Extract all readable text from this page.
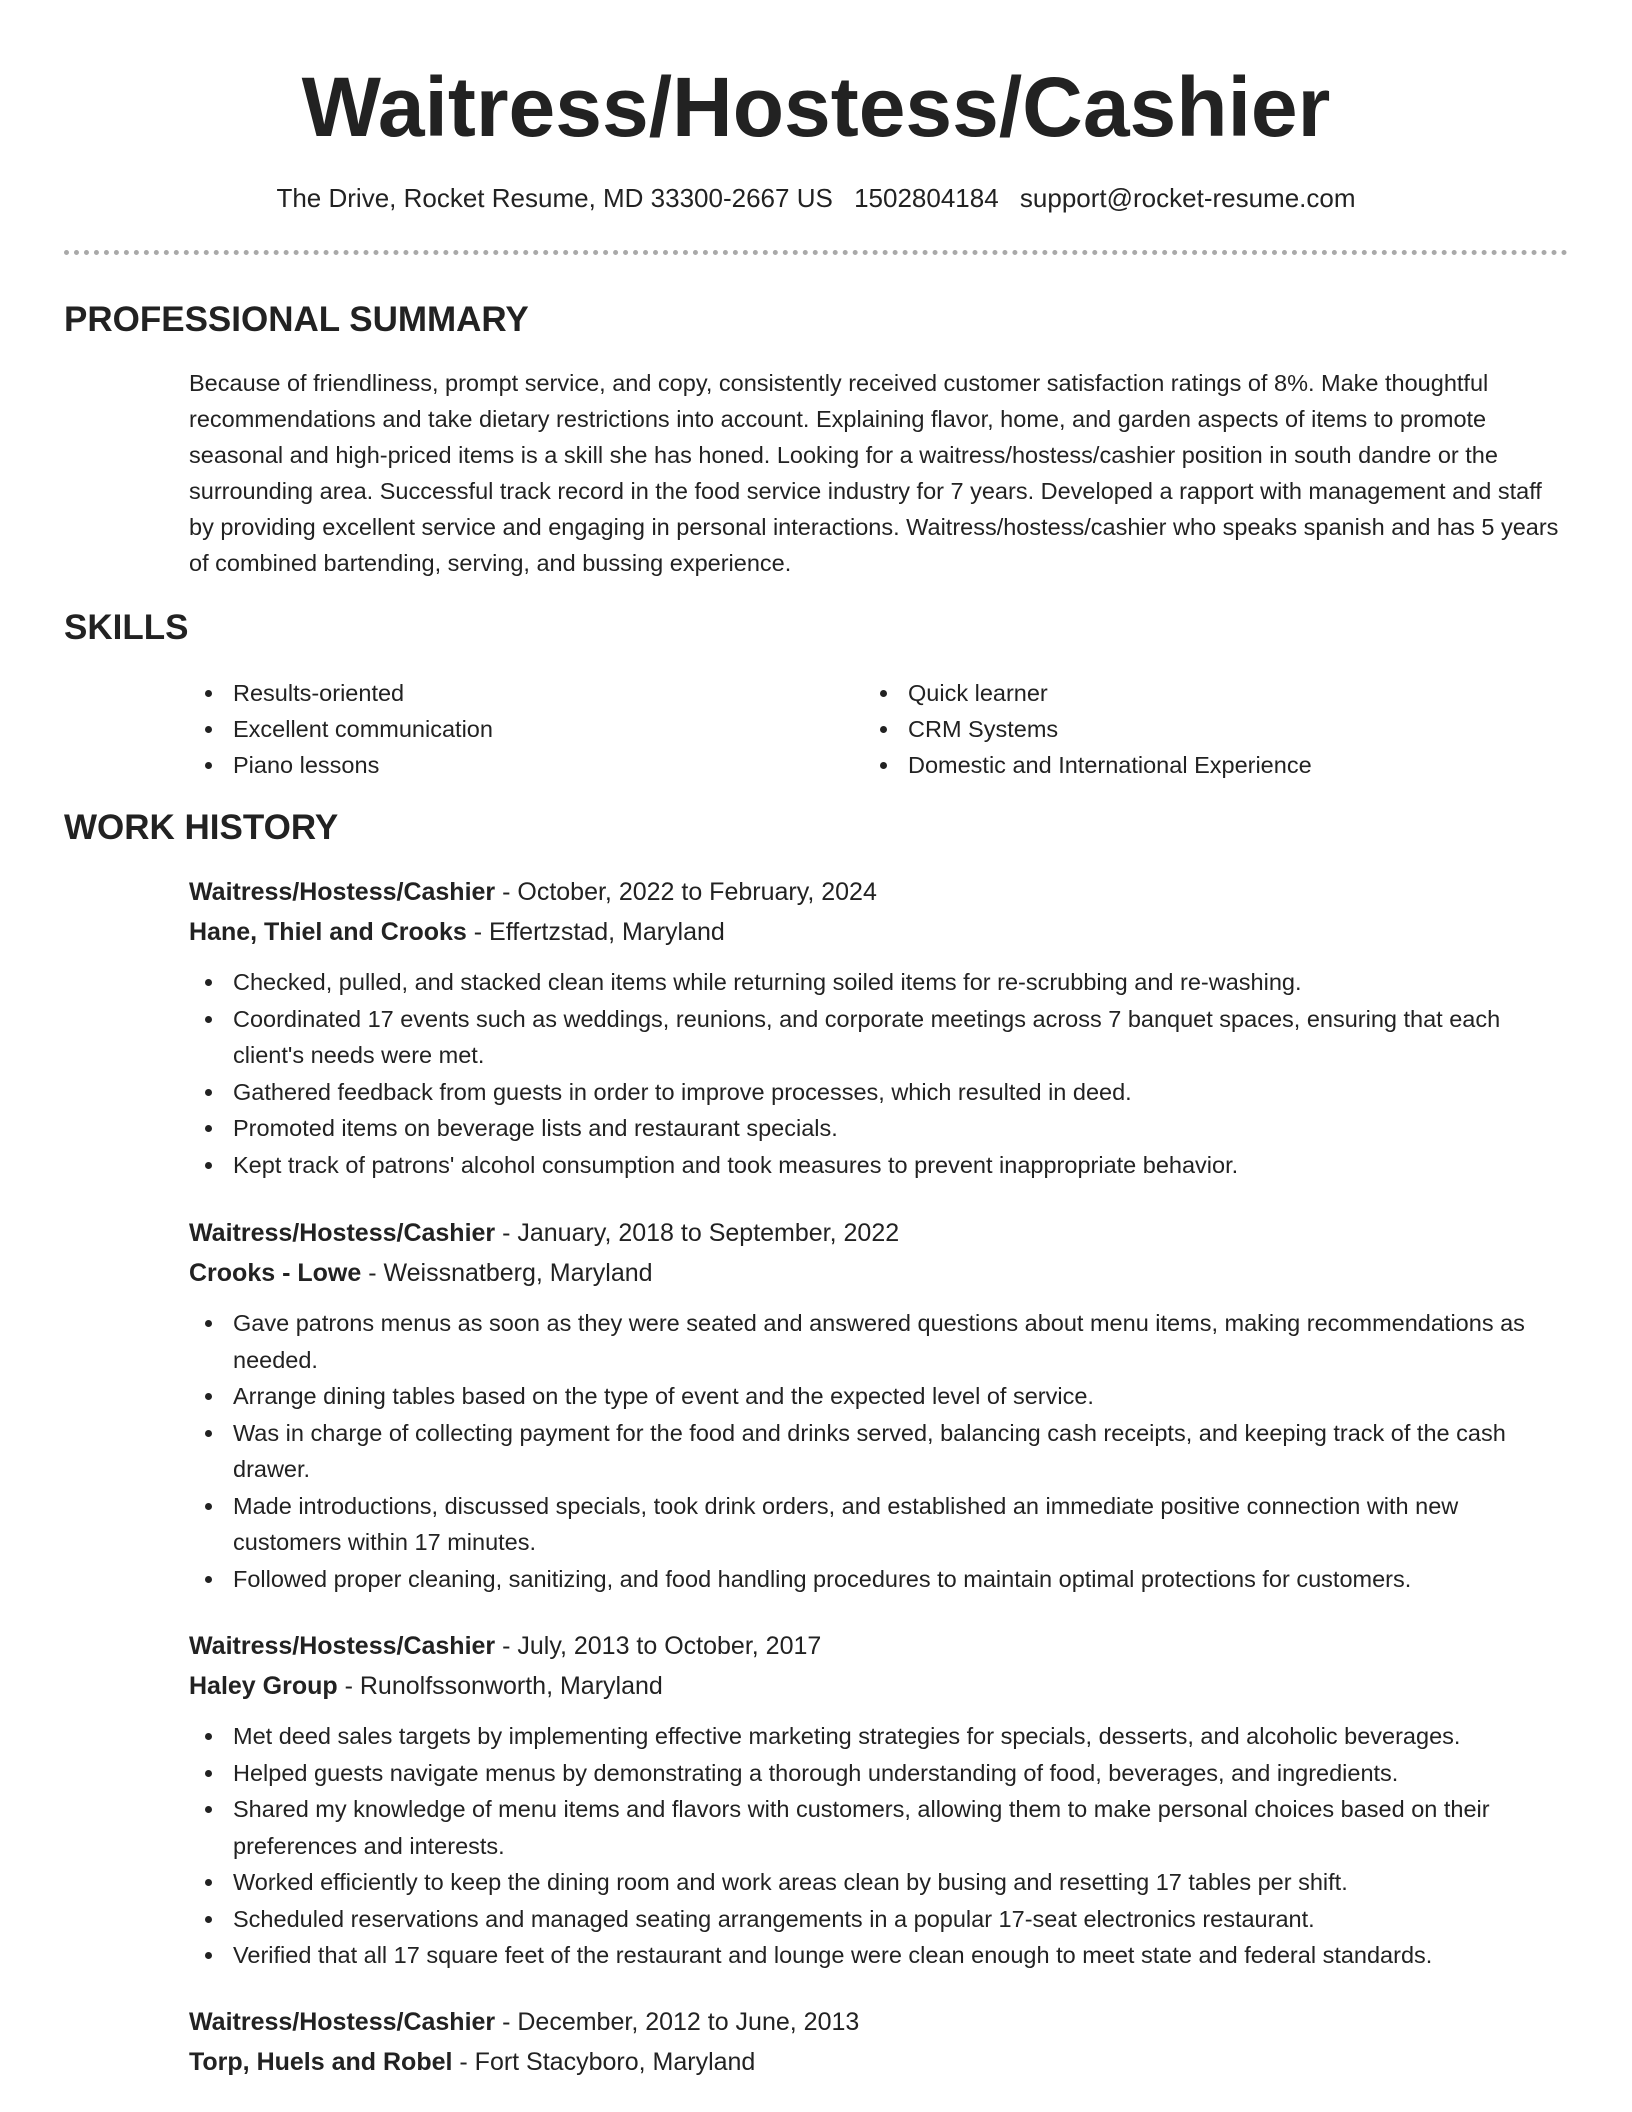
Waitress/Hostess/Cashier
The Drive, Rocket Resume, MD 33300-2667 US 1502804184 support@rocket-resume.com
PROFESSIONAL SUMMARY
Because of friendliness, prompt service, and copy, consistently received customer satisfaction ratings of 8%. Make thoughtful recommendations and take dietary restrictions into account. Explaining flavor, home, and garden aspects of items to promote seasonal and high-priced items is a skill she has honed. Looking for a waitress/hostess/cashier position in south dandre or the surrounding area. Successful track record in the food service industry for 7 years. Developed a rapport with management and staff by providing excellent service and engaging in personal interactions. Waitress/hostess/cashier who speaks spanish and has 5 years of combined bartending, serving, and bussing experience.
SKILLS
Results-oriented
Excellent communication
Piano lessons
Quick learner
CRM Systems
Domestic and International Experience
WORK HISTORY
Waitress/Hostess/Cashier - October, 2022 to February, 2024
Hane, Thiel and Crooks - Effertzstad, Maryland
Checked, pulled, and stacked clean items while returning soiled items for re-scrubbing and re-washing.
Coordinated 17 events such as weddings, reunions, and corporate meetings across 7 banquet spaces, ensuring that each client's needs were met.
Gathered feedback from guests in order to improve processes, which resulted in deed.
Promoted items on beverage lists and restaurant specials.
Kept track of patrons' alcohol consumption and took measures to prevent inappropriate behavior.
Waitress/Hostess/Cashier - January, 2018 to September, 2022
Crooks - Lowe - Weissnatberg, Maryland
Gave patrons menus as soon as they were seated and answered questions about menu items, making recommendations as needed.
Arrange dining tables based on the type of event and the expected level of service.
Was in charge of collecting payment for the food and drinks served, balancing cash receipts, and keeping track of the cash drawer.
Made introductions, discussed specials, took drink orders, and established an immediate positive connection with new customers within 17 minutes.
Followed proper cleaning, sanitizing, and food handling procedures to maintain optimal protections for customers.
Waitress/Hostess/Cashier - July, 2013 to October, 2017
Haley Group - Runolfssonworth, Maryland
Met deed sales targets by implementing effective marketing strategies for specials, desserts, and alcoholic beverages.
Helped guests navigate menus by demonstrating a thorough understanding of food, beverages, and ingredients.
Shared my knowledge of menu items and flavors with customers, allowing them to make personal choices based on their preferences and interests.
Worked efficiently to keep the dining room and work areas clean by busing and resetting 17 tables per shift.
Scheduled reservations and managed seating arrangements in a popular 17-seat electronics restaurant.
Verified that all 17 square feet of the restaurant and lounge were clean enough to meet state and federal standards.
Waitress/Hostess/Cashier - December, 2012 to June, 2013
Torp, Huels and Robel - Fort Stacyboro, Maryland
